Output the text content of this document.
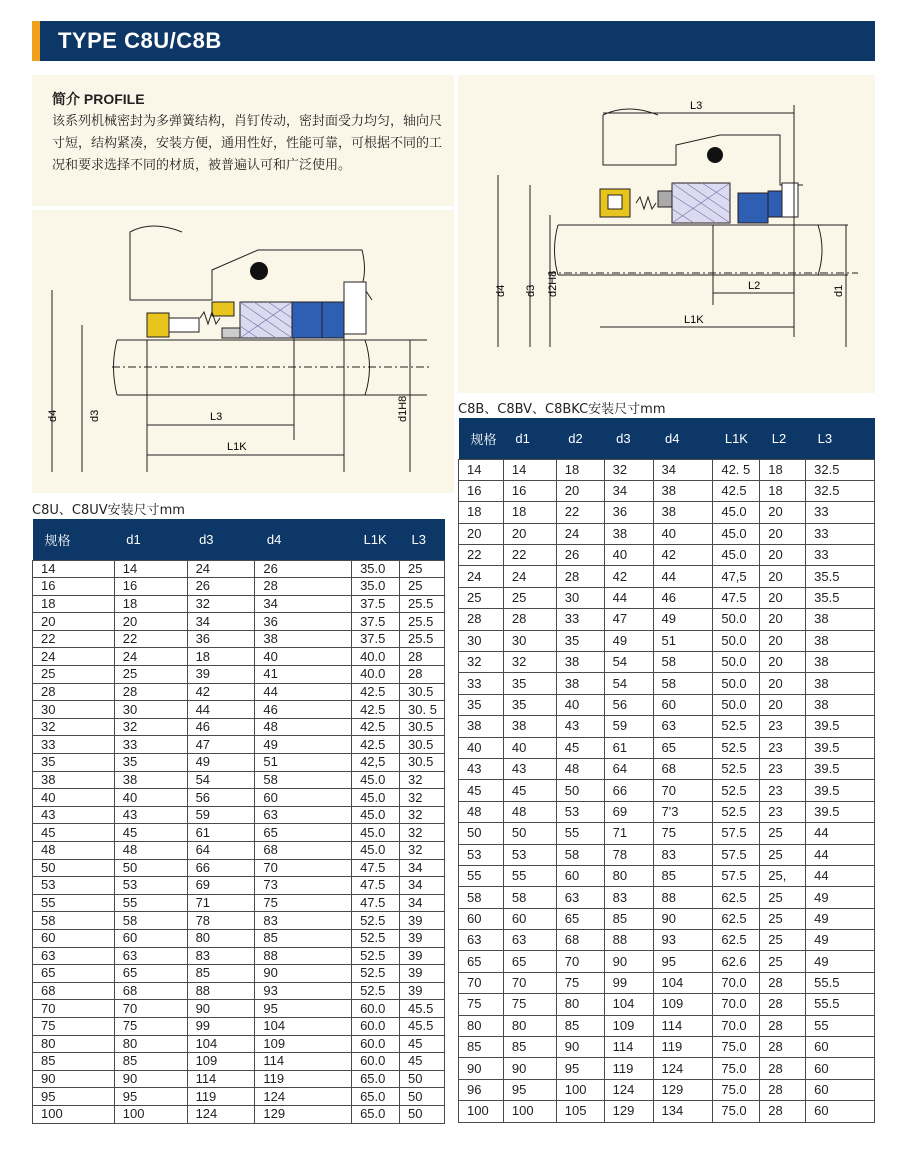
TYPE C8U/C8B
简介 PROFILE
该系列机械密封为多弹簧结构，肖钉传动，密封面受力均匀，轴向尺寸短，结构紧凑，安装方便，通用性好，性能可靠，可根据不同的工况和要求选择不同的材质，被普遍认可和广泛使用。
d4	d3	d1H8
L3
L1K
d4 d3 d2H8	d1
L3
L2
L1K
C8U、C8UV安装尺寸mm
规格	d1	d3	d4	L1K	L3
14	14	24	26	35.0	25
16	16	26	28	35.0	25
18	18	32	34	37.5	25.5
20	20	34	36	37.5	25.5
22	22	36	38	37.5	25.5
24	24	18	40	40.0	28
25	25	39	41	40.0	28
28	28	42	44	42.5	30.5
30	30	44	46	42.5	30. 5
32	32	46	48	42.5	30.5
33	33	47	49	42.5	30.5
35	35	49	51	42,5	30.5
38	38	54	58	45.0	32
40	40	56	60	45.0	32
43	43	59	63	45.0	32
45	45	61	65	45.0	32
48	48	64	68	45.0	32
50	50	66	70	47.5	34
53	53	69	73	47.5	34
55	55	71	75	47.5	34
58	58	78	83	52.5	39
60	60	80	85	52.5	39
63	63	83	88	52.5	39
65	65	85	90	52.5	39
68	68	88	93	52.5	39
70	70	90	95	60.0	45.5
75	75	99	104	60.0	45.5
80	80	104	109	60.0	45
85	85	109	114	60.0	45
90	90	114	119	65.0	50
95	95	119	124	65.0	50
100	100	124	129	65.0	50
C8B、C8BV、C8BKC安装尺寸mm
规格	d1	d2	d3	d4	L1K	L2	L3
14	14	18	32	34	42. 5	18	32.5
16	16	20	34	38	42.5	18	32.5
18	18	22	36	38	45.0	20	33
20	20	24	38	40	45.0	20	33
22	22	26	40	42	45.0	20	33
24	24	28	42	44	47,5	20	35.5
25	25	30	44	46	47.5	20	35.5
28	28	33	47	49	50.0	20	38
30	30	35	49	51	50.0	20	38
32	32	38	54	58	50.0	20	38
33	35	38	54	58	50.0	20	38
35	35	40	56	60	50.0	20	38
38	38	43	59	63	52.5	23	39.5
40	40	45	61	65	52.5	23	39.5
43	43	48	64	68	52.5	23	39.5
45	45	50	66	70	52.5	23	39.5
48	48	53	69	7'3	52.5	23	39.5
50	50	55	71	75	57.5	25	44
53	53	58	78	83	57.5	25	44
55	55	60	80	85	57.5	25,	44
58	58	63	83	88	62.5	25	49
60	60	65	85	90	62.5	25	49
63	63	68	88	93	62.5	25	49
65	65	70	90	95	62.6	25	49
70	70	75	99	104	70.0	28	55.5
75	75	80	104	109	70.0	28	55.5
80	80	85	109	114	70.0	28	55
85	85	90	114	119	75.0	28	60
90	90	95	119	124	75.0	28	60
96	95	100	124	129	75.0	28	60
100	100	105	129	134	75.0	28	60
